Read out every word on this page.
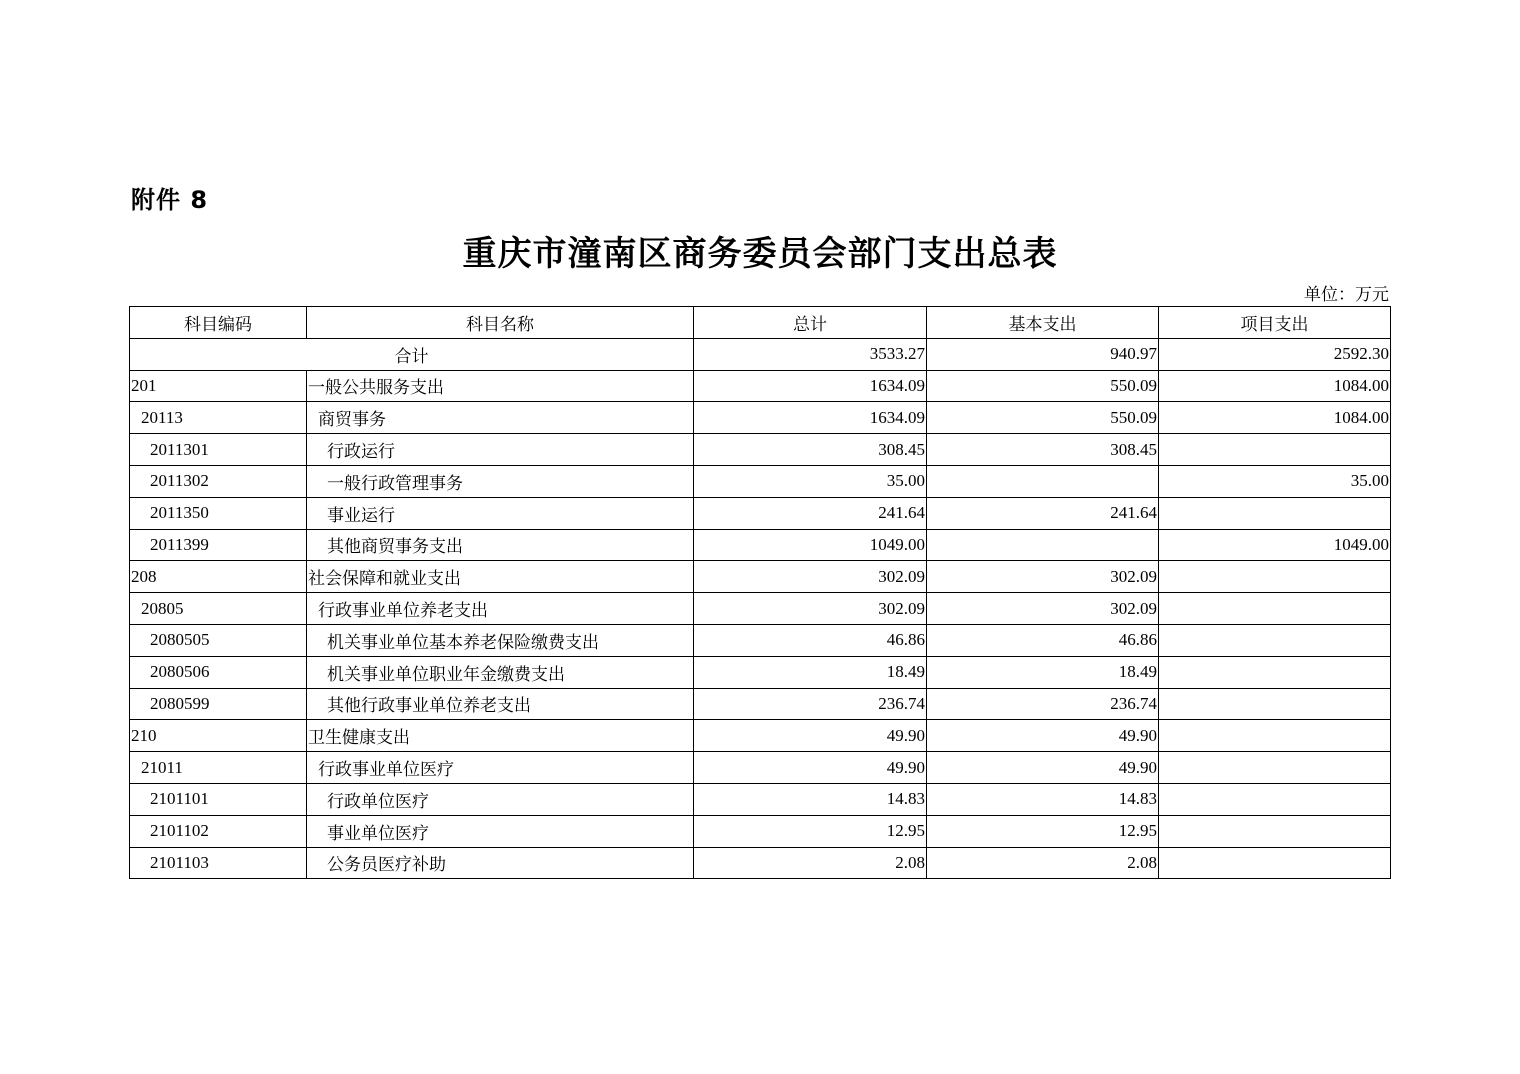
附件 8
重庆市潼南区商务委员会部门支出总表
单位：万元
科目编码	科目名称	总计	基本支出	项目支出
合计		3533.27	940.97	2592.30
201	一般公共服务支出	1634.09	550.09	1084.00
20113	商贸事务	1634.09	550.09	1084.00
2011301	行政运行	308.45	308.45	
2011302	一般行政管理事务	35.00		35.00
2011350	事业运行	241.64	241.64	
2011399	其他商贸事务支出	1049.00		1049.00
208	社会保障和就业支出	302.09	302.09	
20805	行政事业单位养老支出	302.09	302.09	
2080505	机关事业单位基本养老保险缴费支出	46.86	46.86	
2080506	机关事业单位职业年金缴费支出	18.49	18.49	
2080599	其他行政事业单位养老支出	236.74	236.74	
210	卫生健康支出	49.90	49.90	
21011	行政事业单位医疗	49.90	49.90	
2101101	行政单位医疗	14.83	14.83	
2101102	事业单位医疗	12.95	12.95	
2101103	公务员医疗补助	2.08	2.08	
